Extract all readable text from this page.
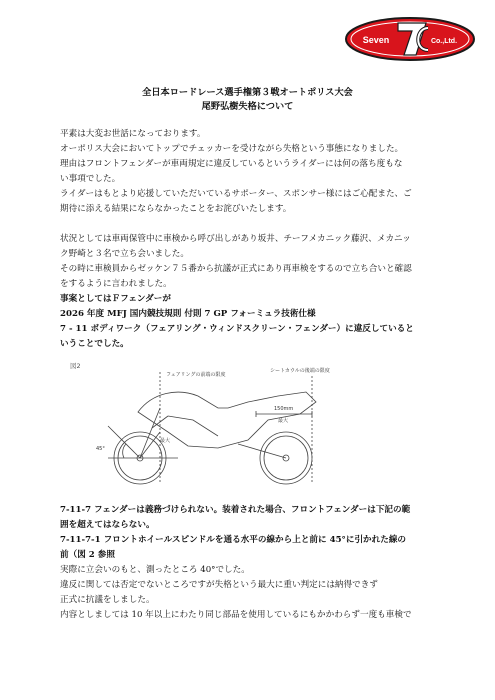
Seven	Co.,Ltd.
全日本ロードレース選手権第３戦オートポリス大会
尾野弘樹失格について
平素は大変お世話になっております。
オーポリス大会においてトップでチェッカーを受けながら失格という事態になりました。
理由はフロントフェンダーが車両規定に違反しているというライダーには何の落ち度もな
い事項でした。
ライダーはもとより応援していただいているサポーター、スポンサー様にはご心配また、ご
期待に添える結果にならなかったことをお詫びいたします。
状況としては車両保管中に車検から呼び出しがあり坂井、チーフメカニック藤沢、メカニッ
ク野崎と３名で立ち会いました。
その時に車検員からゼッケン７５番から抗議が正式にあり再車検をするので立ち合いと確認
をするように言われました。
事案としてはＦフェンダーが
2026 年度 MFJ 国内競技規則 付則 7 GP フォーミュラ技術仕様
7 - 11 ボディワーク（フェアリング・ウィンドスクリーン・フェンダー）に違反していると
いうことでした。
図2
フェアリングの前端の限度
シートカウルの後端の限度
150mm
最大
45°
最大
7-11-7 フェンダーは義務づけられない。装着された場合、フロントフェンダーは下記の範
囲を超えてはならない。
7-11-7-1 フロントホイールスピンドルを通る水平の線から上と前に 45°に引かれた線の
前（図 2 参照
実際に立会いのもと、測ったところ 40°でした。
違反に関しては否定でないところですが失格という最大に重い判定には納得できず
正式に抗議をしました。
内容としましては 10 年以上にわたり同じ部品を使用しているにもかかわらず一度も車検で
